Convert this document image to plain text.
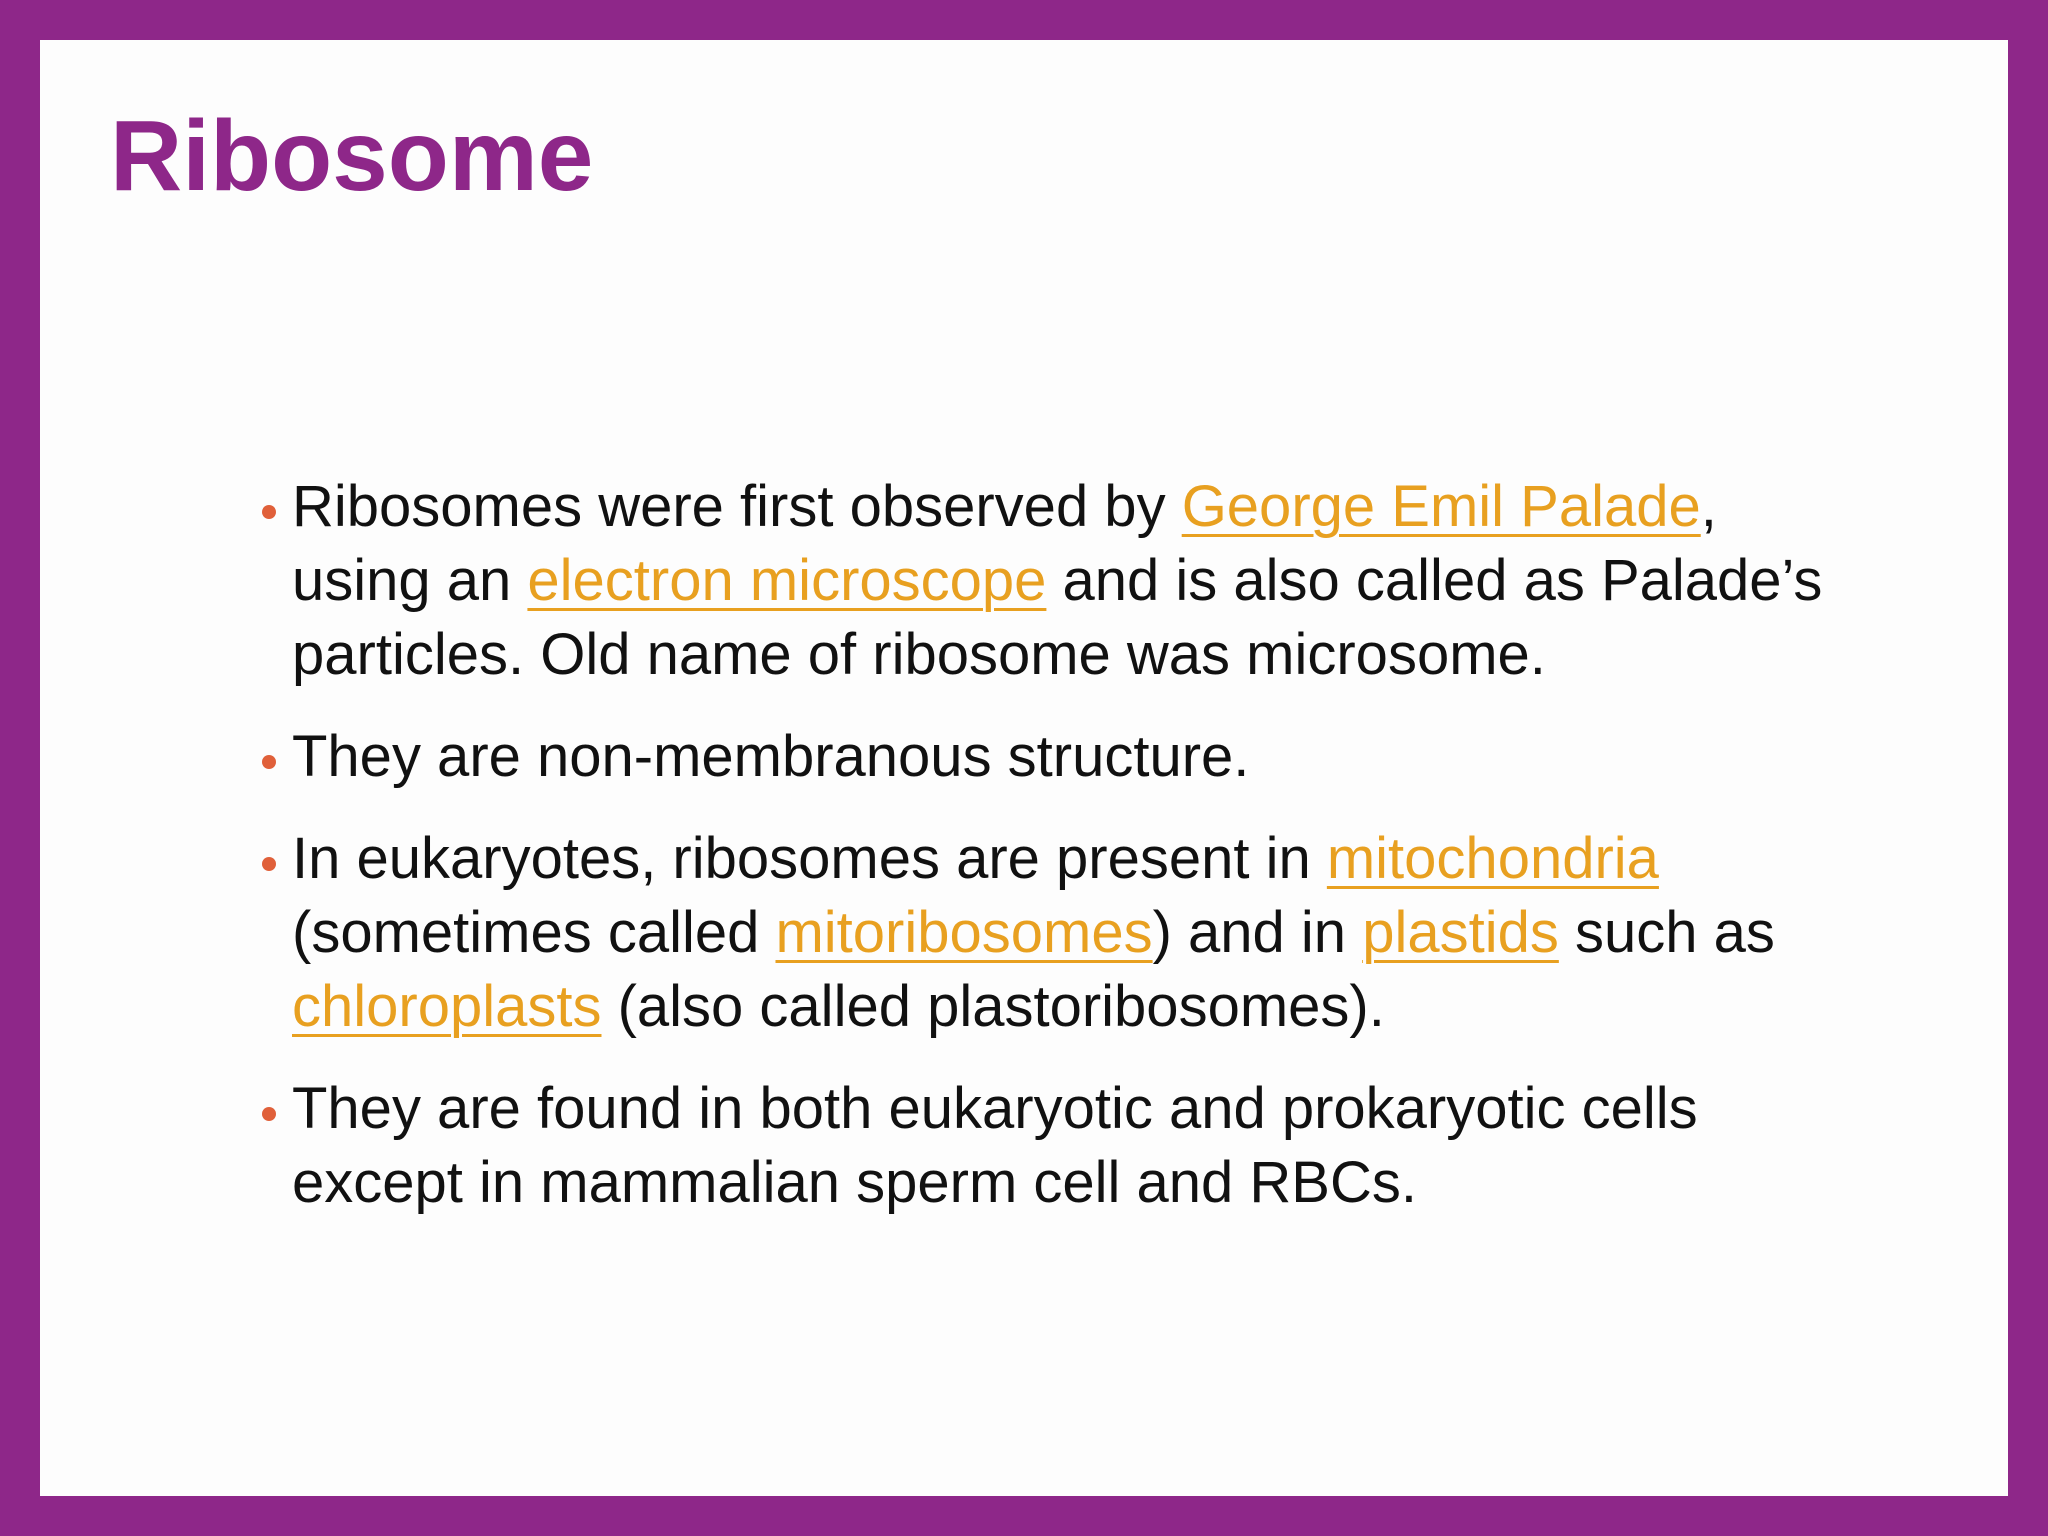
Ribosome
Ribosomes were first observed by George Emil Palade, using an electron microscope and is also called as Palade’s particles. Old name of ribosome was microsome.
They are non-membranous structure.
In eukaryotes, ribosomes are present in mitochondria (sometimes called mitoribosomes) and in plastids such as chloroplasts (also called plastoribosomes).
They are found in both eukaryotic and prokaryotic cells except in mammalian sperm cell and RBCs.
